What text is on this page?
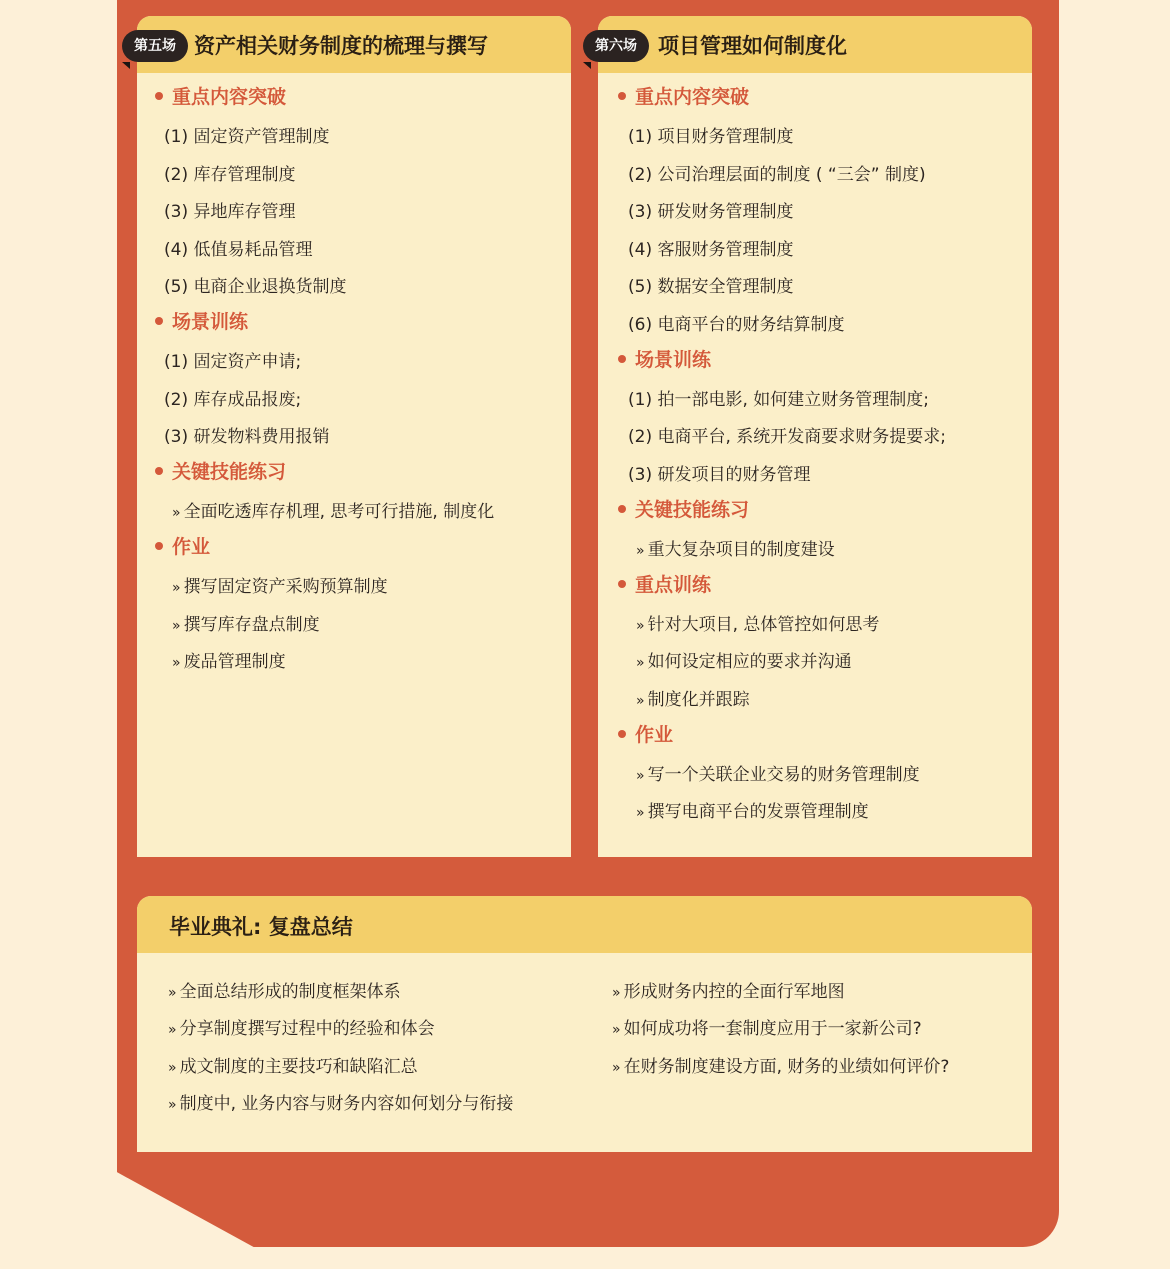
第五场 资产相关财务制度的梳理与撰写
重点内容突破
(1) 固定资产管理制度
(2) 库存管理制度
(3) 异地库存管理
(4) 低值易耗品管理
(5) 电商企业退换货制度
场景训练
(1) 固定资产申请;
(2) 库存成品报废;
(3) 研发物料费用报销
关键技能练习
» 全面吃透库存机理, 思考可行措施, 制度化
作业
» 撰写固定资产采购预算制度
» 撰写库存盘点制度
» 废品管理制度
第六场	项目管理如何制度化
重点内容突破
(1) 项目财务管理制度
(2) 公司治理层面的制度 ( “三会” 制度)
(3) 研发财务管理制度
(4) 客服财务管理制度
(5) 数据安全管理制度
(6) 电商平台的财务结算制度
场景训练
(1) 拍一部电影, 如何建立财务管理制度;
(2) 电商平台, 系统开发商要求财务提要求;
(3) 研发项目的财务管理
关键技能练习
» 重大复杂项目的制度建设
重点训练
» 针对大项目, 总体管控如何思考
» 如何设定相应的要求并沟通
» 制度化并跟踪
作业
» 写一个关联企业交易的财务管理制度
» 撰写电商平台的发票管理制度
毕业典礼: 复盘总结
» 全面总结形成的制度框架体系
» 分享制度撰写过程中的经验和体会
» 成文制度的主要技巧和缺陷汇总
» 制度中, 业务内容与财务内容如何划分与衔接
» 形成财务内控的全面行军地图
» 如何成功将一套制度应用于一家新公司?
» 在财务制度建设方面, 财务的业绩如何评价?
